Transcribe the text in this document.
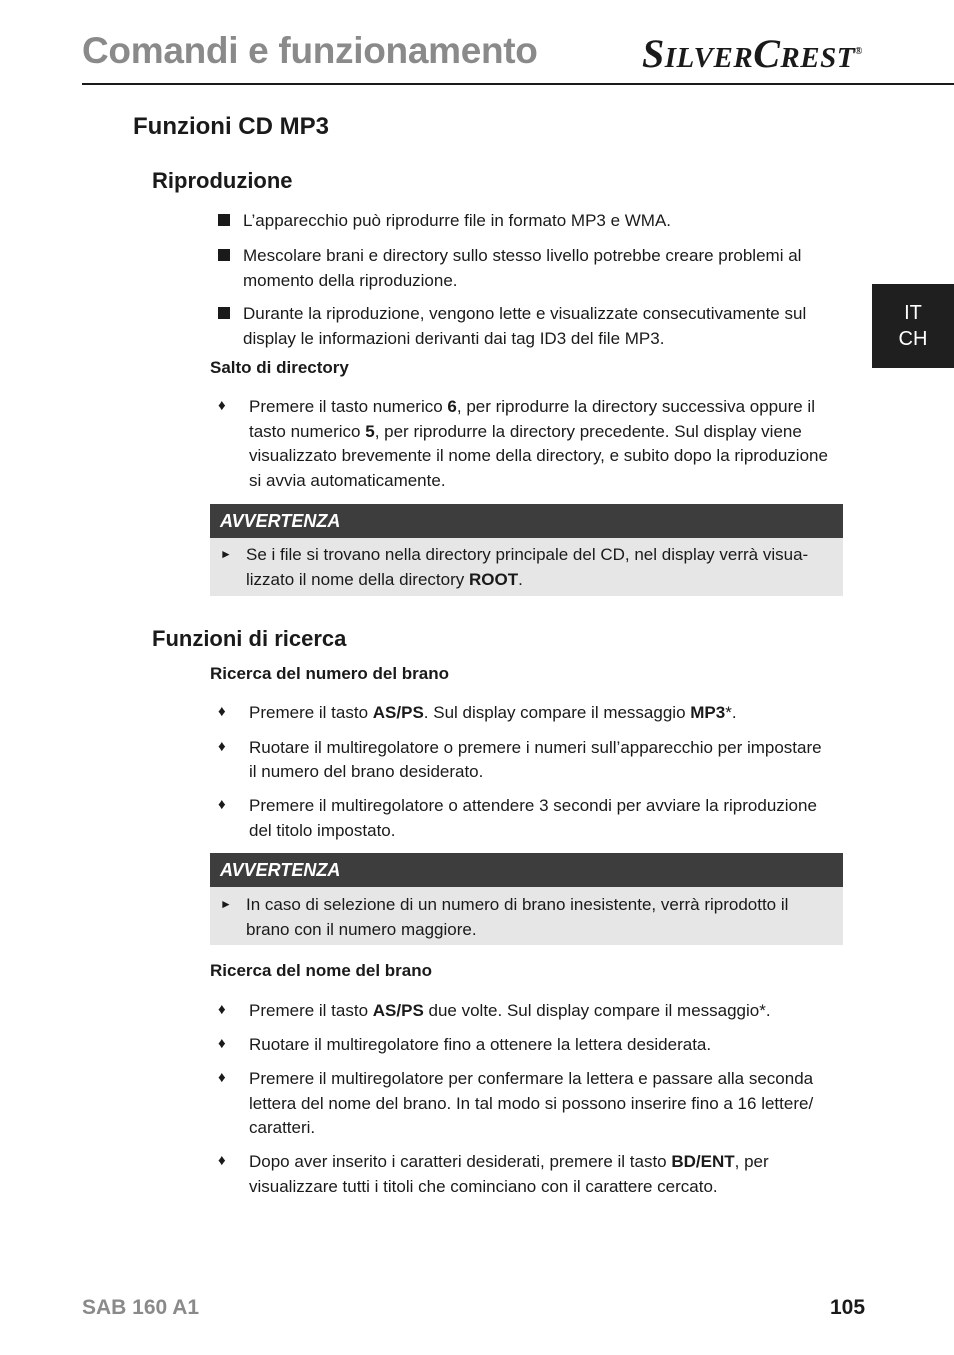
Comandi e funzionamento	SILVERCREST®
IT
CH
Funzioni CD MP3
Riproduzione
L’apparecchio può riprodurre file in formato MP3 e WMA.
Mescolare brani e directory sullo stesso livello potrebbe creare problemi al
momento della riproduzione.
Durante la riproduzione, vengono lette e visualizzate consecutivamente sul
display le informazioni derivanti dai tag ID3 del file MP3.
Salto di directory
♦ Premere il tasto numerico 6, per riprodurre la directory successiva oppure il
tasto numerico 5, per riprodurre la directory precedente. Sul display viene
visualizzato brevemente il nome della directory, e subito dopo la riproduzione
si avvia automaticamente.
AVVERTENZA
► Se i file si trovano nella directory principale del CD, nel display verrà visua-
lizzato il nome della directory ROOT.
Funzioni di ricerca
Ricerca del numero del brano
♦ Premere il tasto AS/PS. Sul display compare il messaggio MP3*.
♦ Ruotare il multiregolatore o premere i numeri sull’apparecchio per impostare
il numero del brano desiderato.
♦ Premere il multiregolatore o attendere 3 secondi per avviare la riproduzione
del titolo impostato.
AVVERTENZA
► In caso di selezione di un numero di brano inesistente, verrà riprodotto il
brano con il numero maggiore.
Ricerca del nome del brano
♦ Premere il tasto AS/PS due volte. Sul display compare il messaggio*.
♦ Ruotare il multiregolatore fino a ottenere la lettera desiderata.
♦ Premere il multiregolatore per confermare la lettera e passare alla seconda
lettera del nome del brano. In tal modo si possono inserire fino a 16 lettere/
caratteri.
♦ Dopo aver inserito i caratteri desiderati, premere il tasto BD/ENT, per
visualizzare tutti i titoli che cominciano con il carattere cercato.
SAB 160 A1	105
